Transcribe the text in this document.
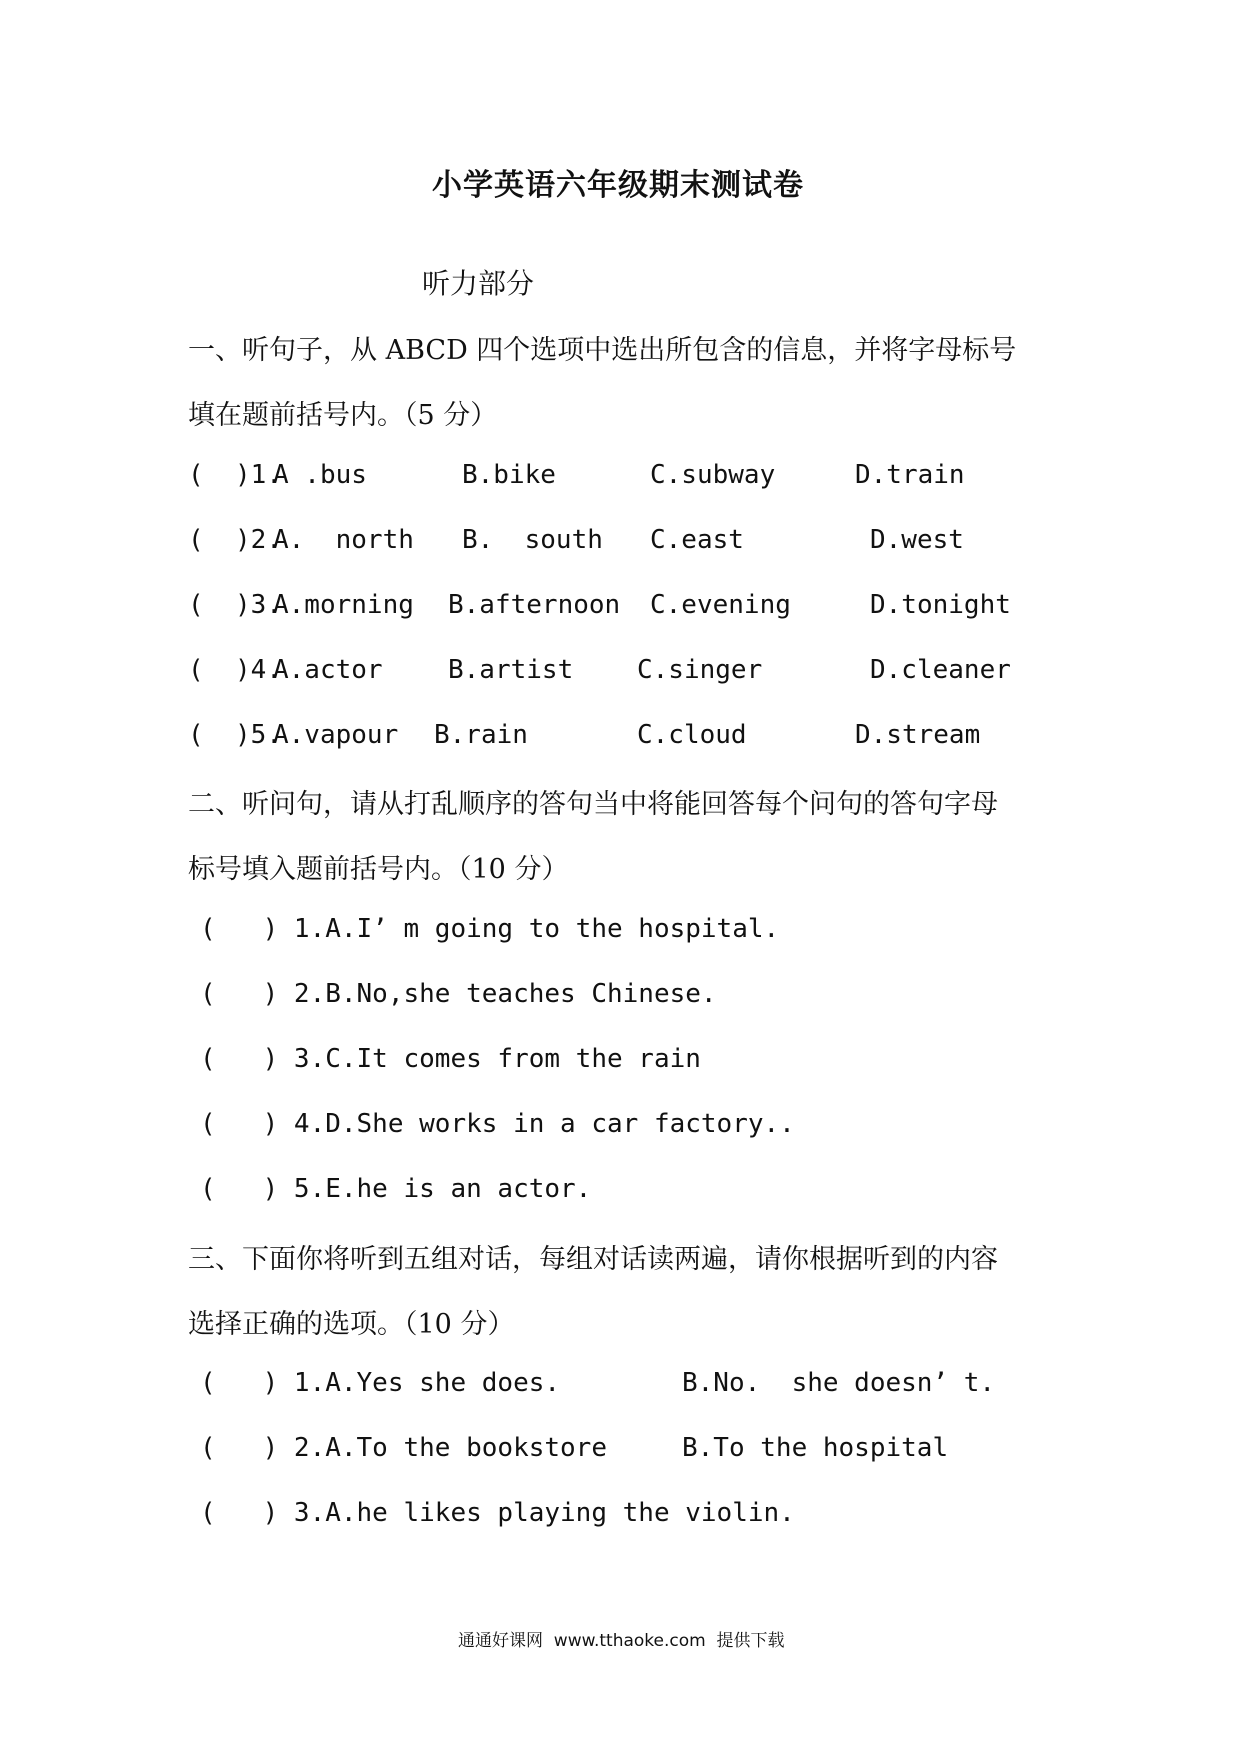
小学英语六年级期末测试卷
听力部分
一、听句子，从 ABCD 四个选项中选出所包含的信息，并将字母标号
填在题前括号内。（5 分）
(  )1.
A .bus	B.bike	C.subway	D.train
(  )2.
A.  north B.  south C.east	D.west
(  )3.
A.morning B.afternoon C.evening	D.tonight
(  )4.
A.actor	B.artist C.singer	D.cleaner
(  )5.
A.vapour B.rain	C.cloud	D.stream
二、听问句，请从打乱顺序的答句当中将能回答每个问句的答句字母
标号填入题前括号内。（10 分）
(   ) 1.A.I’ m going to the hospital.
(   ) 2.B.No,she teaches Chinese.
(   ) 3.C.It comes from the rain
(   ) 4.D.She works in a car factory..
(   ) 5.E.he is an actor.
三、下面你将听到五组对话，每组对话读两遍，请你根据听到的内容
选择正确的选项。（10 分）
(   ) 1.A.Yes she does.	B.No.  she doesn’ t.
(   ) 2.A.To the bookstore	B.To the hospital
(   ) 3.A.he likes playing the violin.
通通好课网  www.tthaoke.com  提供下载
